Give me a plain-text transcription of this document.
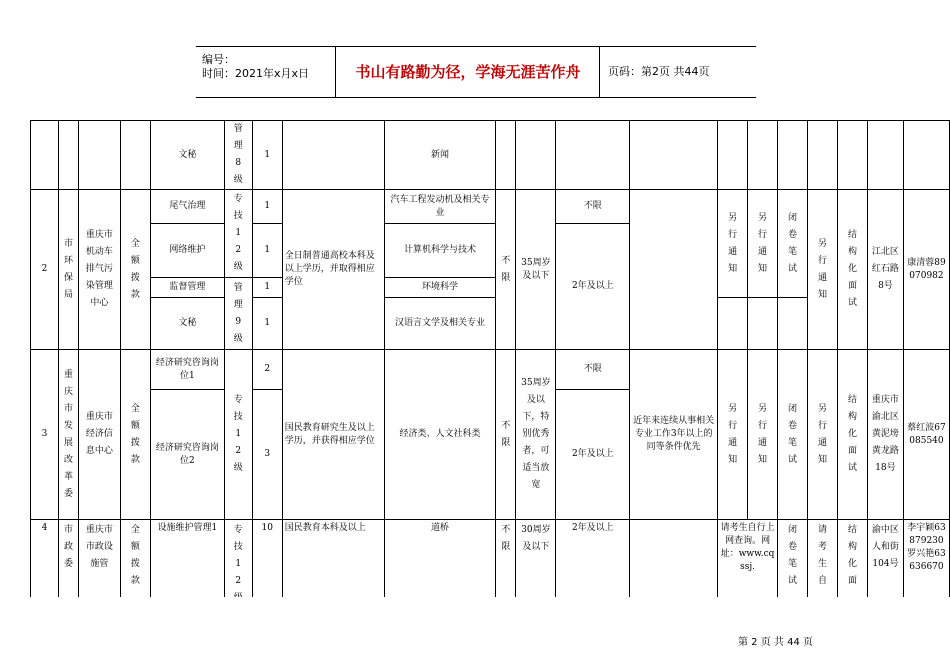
编号：
时间：2021年x月x日	书山有路勤为径，学海无涯苦作舟	页码：第2页 共44页
				文秘	管理8级	1		新闻											
2	市环保局	重庆市机动车排气污染管理中心	全额拨款	尾气治理	专技12级	1	全日制普通高校本科及以上学历，并取得相应学位	汽车工程发动机及相关专业	不限	35周岁及以下	不限		另行通知	另行通知	闭卷笔试	另行通知	结构化面试	江北区红石路8号	康清蓉89070982
				网络维护		1		计算机科学与技术			2年及以上								
				监督管理	管理9级	1		环境科学											
				文秘		1		汉语言文学及相关专业											
3	重庆市发展改革委	重庆市经济信息中心	全额拨款	经济研究咨询岗位1	专技12级	2	国民教育研究生及以上学历，并获得相应学位	经济类、人文社科类	不限	35周岁及以下，特别优秀者，可适当放宽	不限	近年来连续从事相关专业工作3年以上的同等条件优先	另行通知	另行通知	闭卷笔试	另行通知	结构化面试	重庆市渝北区黄泥塝黄龙路18号	蔡红波67085540
				经济研究咨询岗位2		3					2年及以上								
4	市政委	重庆市市政设施管	全额拨款	设施维护管理1	专技12	10	国民教育本科及以上	道桥	不限	30周岁及以下	2年及以上		请考生自行上网查询。网址：www.cqssj.		闭卷笔试	请考生自	结构化面	渝中区人和街104号	李宇颖63879230罗兴艳63636670
第 2 页 共 44 页
